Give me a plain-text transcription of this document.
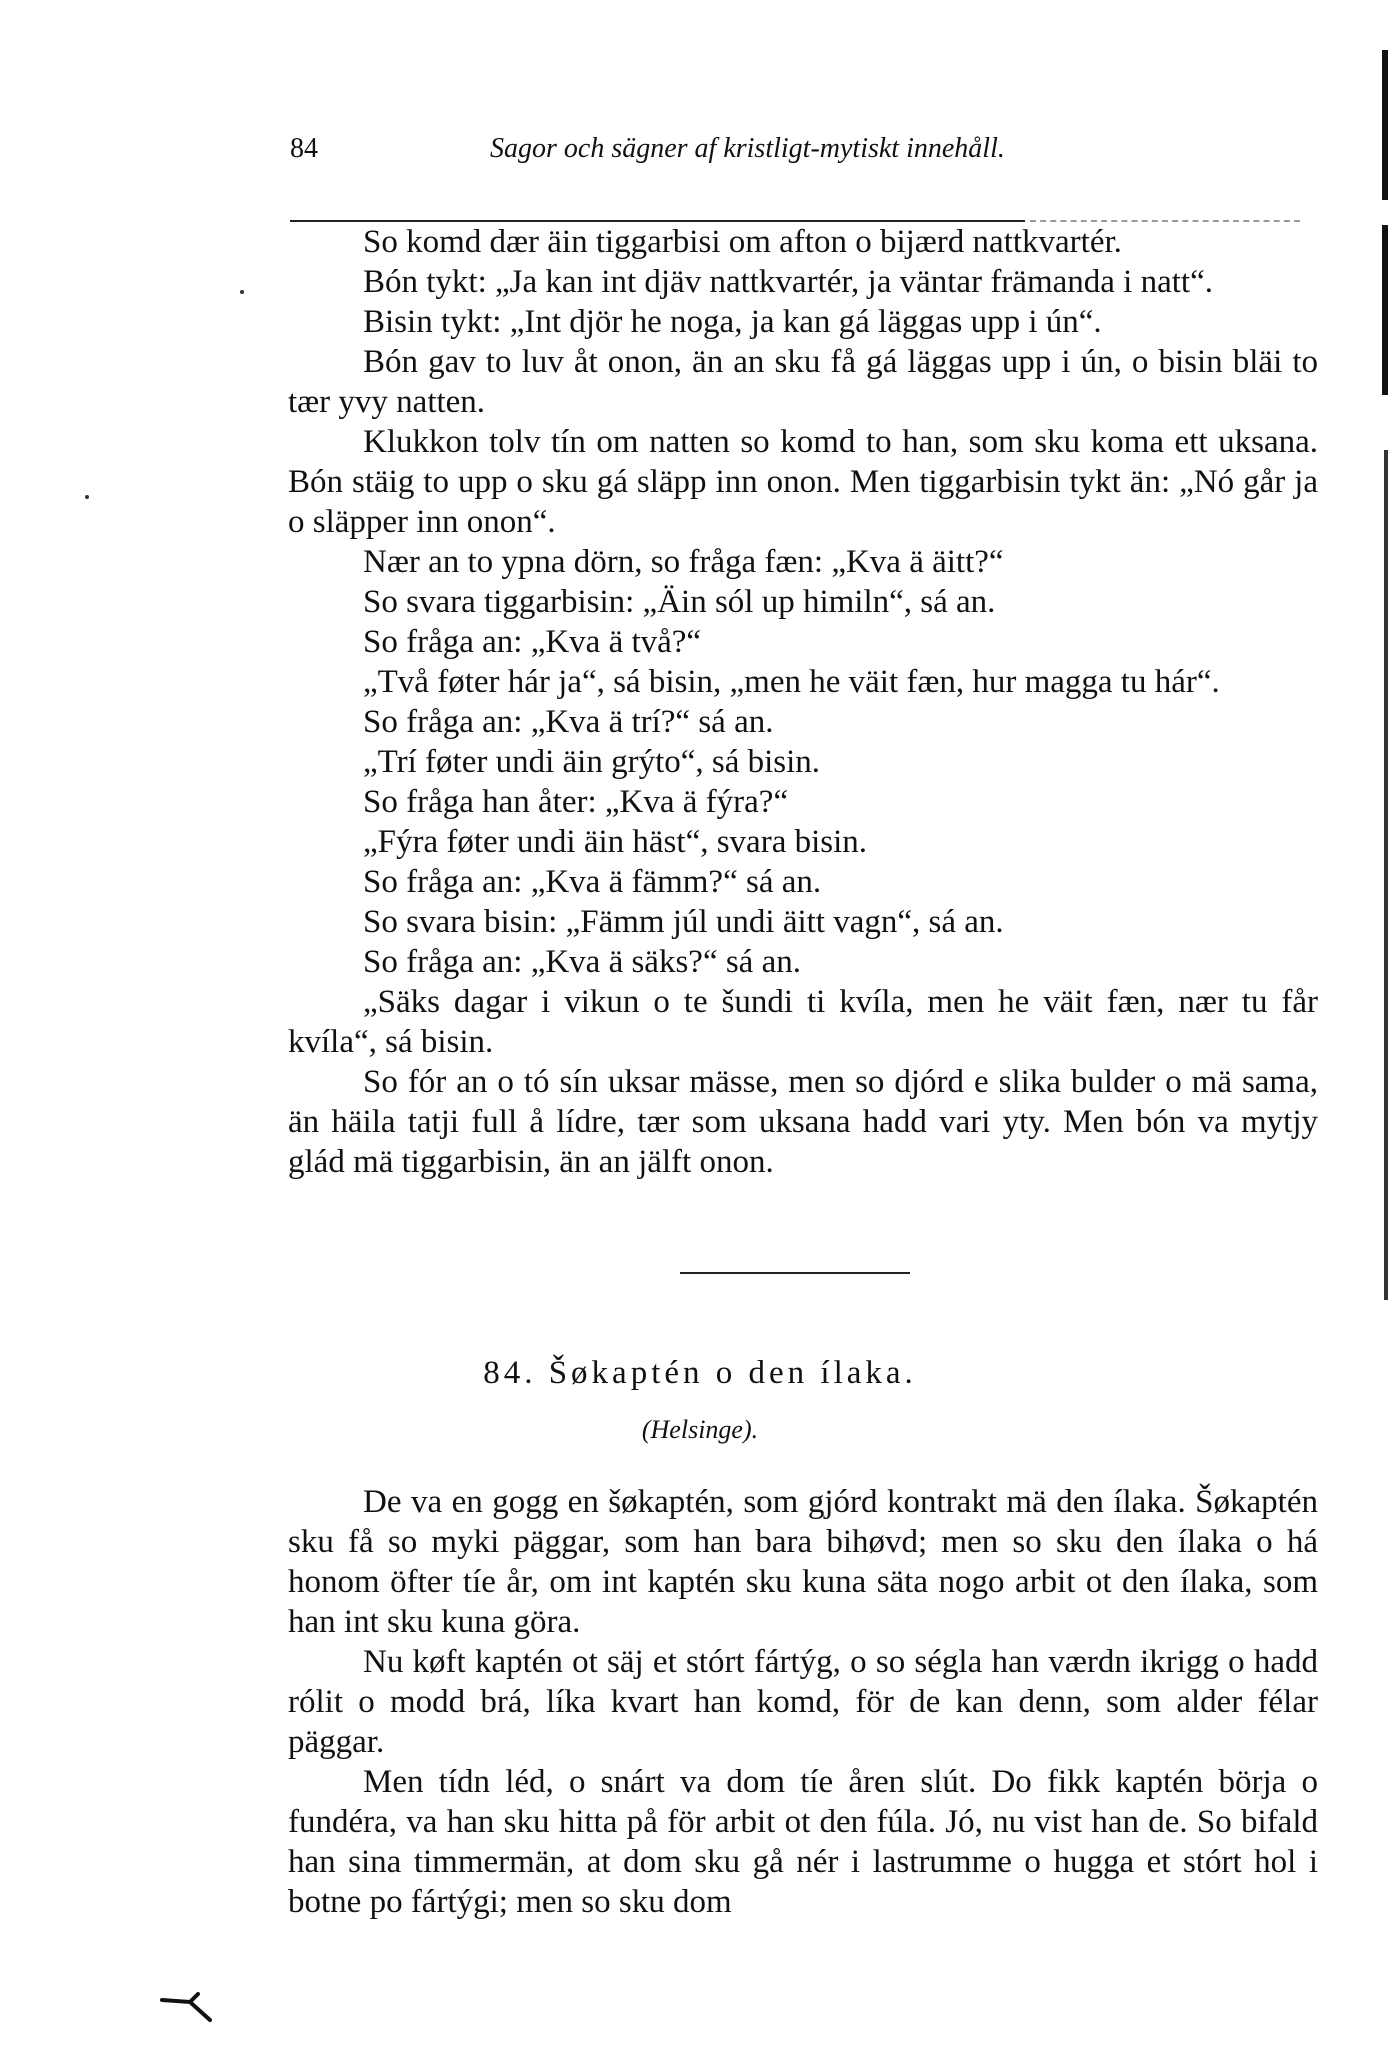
84	Sagor och sägner af kristligt-mytiskt innehåll.

So komd dær äin tiggarbisi om afton o bijærd nattkvartér.

Bón tykt: „Ja kan int djäv nattkvartér, ja väntar främanda i natt“.

Bisin tykt: „Int djör he noga, ja kan gá läggas upp i ún“.

Bón gav to luv åt onon, än an sku få gá läggas upp i ún, o bisin bläi to tær yvy natten.

Klukkon tolv tín om natten so komd to han, som sku koma ett uksana. Bón stäig to upp o sku gá släpp inn onon. Men tiggarbisin tykt än: „Nó går ja o släpper inn onon“.

Nær an to ypna dörn, so fråga fæn: „Kva ä äitt?“

So svara tiggarbisin: „Äin sól up himiln“, sá an.

So fråga an: „Kva ä två?“

„Två føter hár ja“, sá bisin, „men he väit fæn, hur magga tu hár“.

So fråga an: „Kva ä trí?“ sá an.

„Trí føter undi äin grýto“, sá bisin.

So fråga han åter: „Kva ä fýra?“

„Fýra føter undi äin häst“, svara bisin.

So fråga an: „Kva ä fämm?“ sá an.

So svara bisin: „Fämm júl undi äitt vagn“, sá an.

So fråga an: „Kva ä säks?“ sá an.

„Säks dagar i vikun o te šundi ti kvíla, men he väit fæn, nær tu får kvíla“, sá bisin.

So fór an o tó sín uksar mässe, men so djórd e slika bulder o mä sama, än häila tatji full å lídre, tær som uksana hadd vari yty. Men bón va mytjy glád mä tiggarbisin, än an jälft onon.

84. Šøkaptén o den ílaka.
(Helsinge).

De va en gogg en šøkaptén, som gjórd kontrakt mä den ílaka. Šøkaptén sku få so myki päggar, som han bara bihøvd; men so sku den ílaka o há honom öfter tíe år, om int kaptén sku kuna säta nogo arbit ot den ílaka, som han int sku kuna göra.

Nu køft kaptén ot säj et stórt fártýg, o so ségla han værdn ikrigg o hadd rólit o modd brá, líka kvart han komd, för de kan denn, som alder félar päggar.

Men tídn léd, o snárt va dom tíe åren slút. Do fikk kaptén börja o fundéra, va han sku hitta på för arbit ot den fúla. Jó, nu vist han de. So bifald han sina timmermän, at dom sku gå nér i lastrumme o hugga et stórt hol i botne po fártýgi; men so sku dom
